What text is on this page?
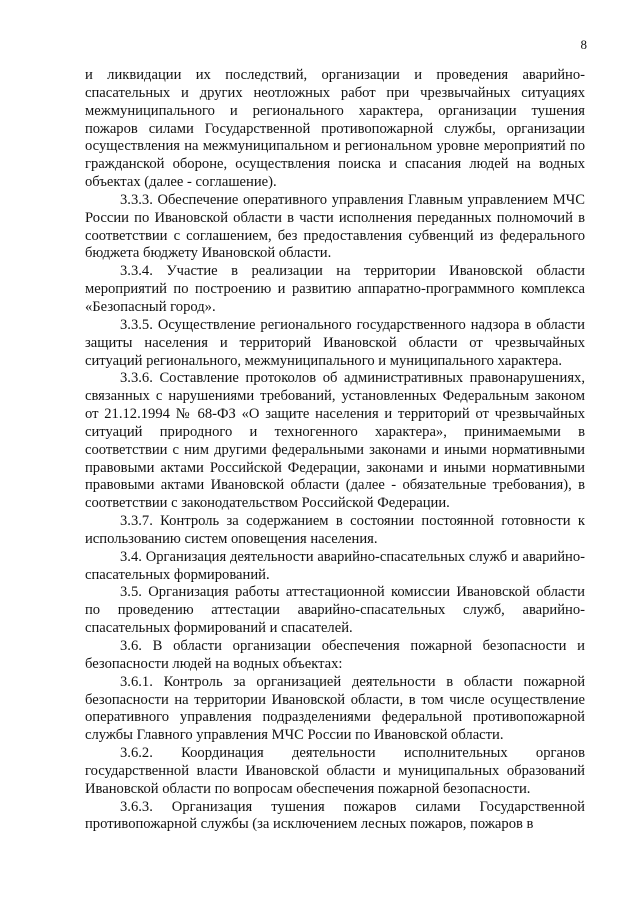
8

и ликвидации их последствий, организации и проведения аварийно-спасательных и других неотложных работ при чрезвычайных ситуациях межмуниципального и регионального характера, организации тушения пожаров силами Государственной противопожарной службы, организации осуществления на межмуниципальном и региональном уровне мероприятий по гражданской обороне, осуществления поиска и спасания людей на водных объектах (далее - соглашение).

3.3.3. Обеспечение оперативного управления Главным управлением МЧС России по Ивановской области в части исполнения переданных полномочий в соответствии с соглашением, без предоставления субвенций из федерального бюджета бюджету Ивановской области.

3.3.4. Участие в реализации на территории Ивановской области мероприятий по построению и развитию аппаратно-программного комплекса «Безопасный город».

3.3.5. Осуществление регионального государственного надзора в области защиты населения и территорий Ивановской области от чрезвычайных ситуаций регионального, межмуниципального и муниципального характера.

3.3.6. Составление протоколов об административных правонарушениях, связанных с нарушениями требований, установленных Федеральным законом от 21.12.1994 № 68-ФЗ «О защите населения и территорий от чрезвычайных ситуаций природного и техногенного характера», принимаемыми в соответствии с ним другими федеральными законами и иными нормативными правовыми актами Российской Федерации, законами и иными нормативными правовыми актами Ивановской области (далее - обязательные требования), в соответствии с законодательством Российской Федерации.

3.3.7. Контроль за содержанием в состоянии постоянной готовности к использованию систем оповещения населения.

3.4. Организация деятельности аварийно-спасательных служб и аварийно-спасательных формирований.

3.5. Организация работы аттестационной комиссии Ивановской области по проведению аттестации аварийно-спасательных служб, аварийно-спасательных формирований и спасателей.

3.6. В области организации обеспечения пожарной безопасности и безопасности людей на водных объектах:

3.6.1. Контроль за организацией деятельности в области пожарной безопасности на территории Ивановской области, в том числе осуществление оперативного управления подразделениями федеральной противопожарной службы Главного управления МЧС России по Ивановской области.

3.6.2. Координация деятельности исполнительных органов государственной власти Ивановской области и муниципальных образований Ивановской области по вопросам обеспечения пожарной безопасности.

3.6.3. Организация тушения пожаров силами Государственной противопожарной службы (за исключением лесных пожаров, пожаров в
